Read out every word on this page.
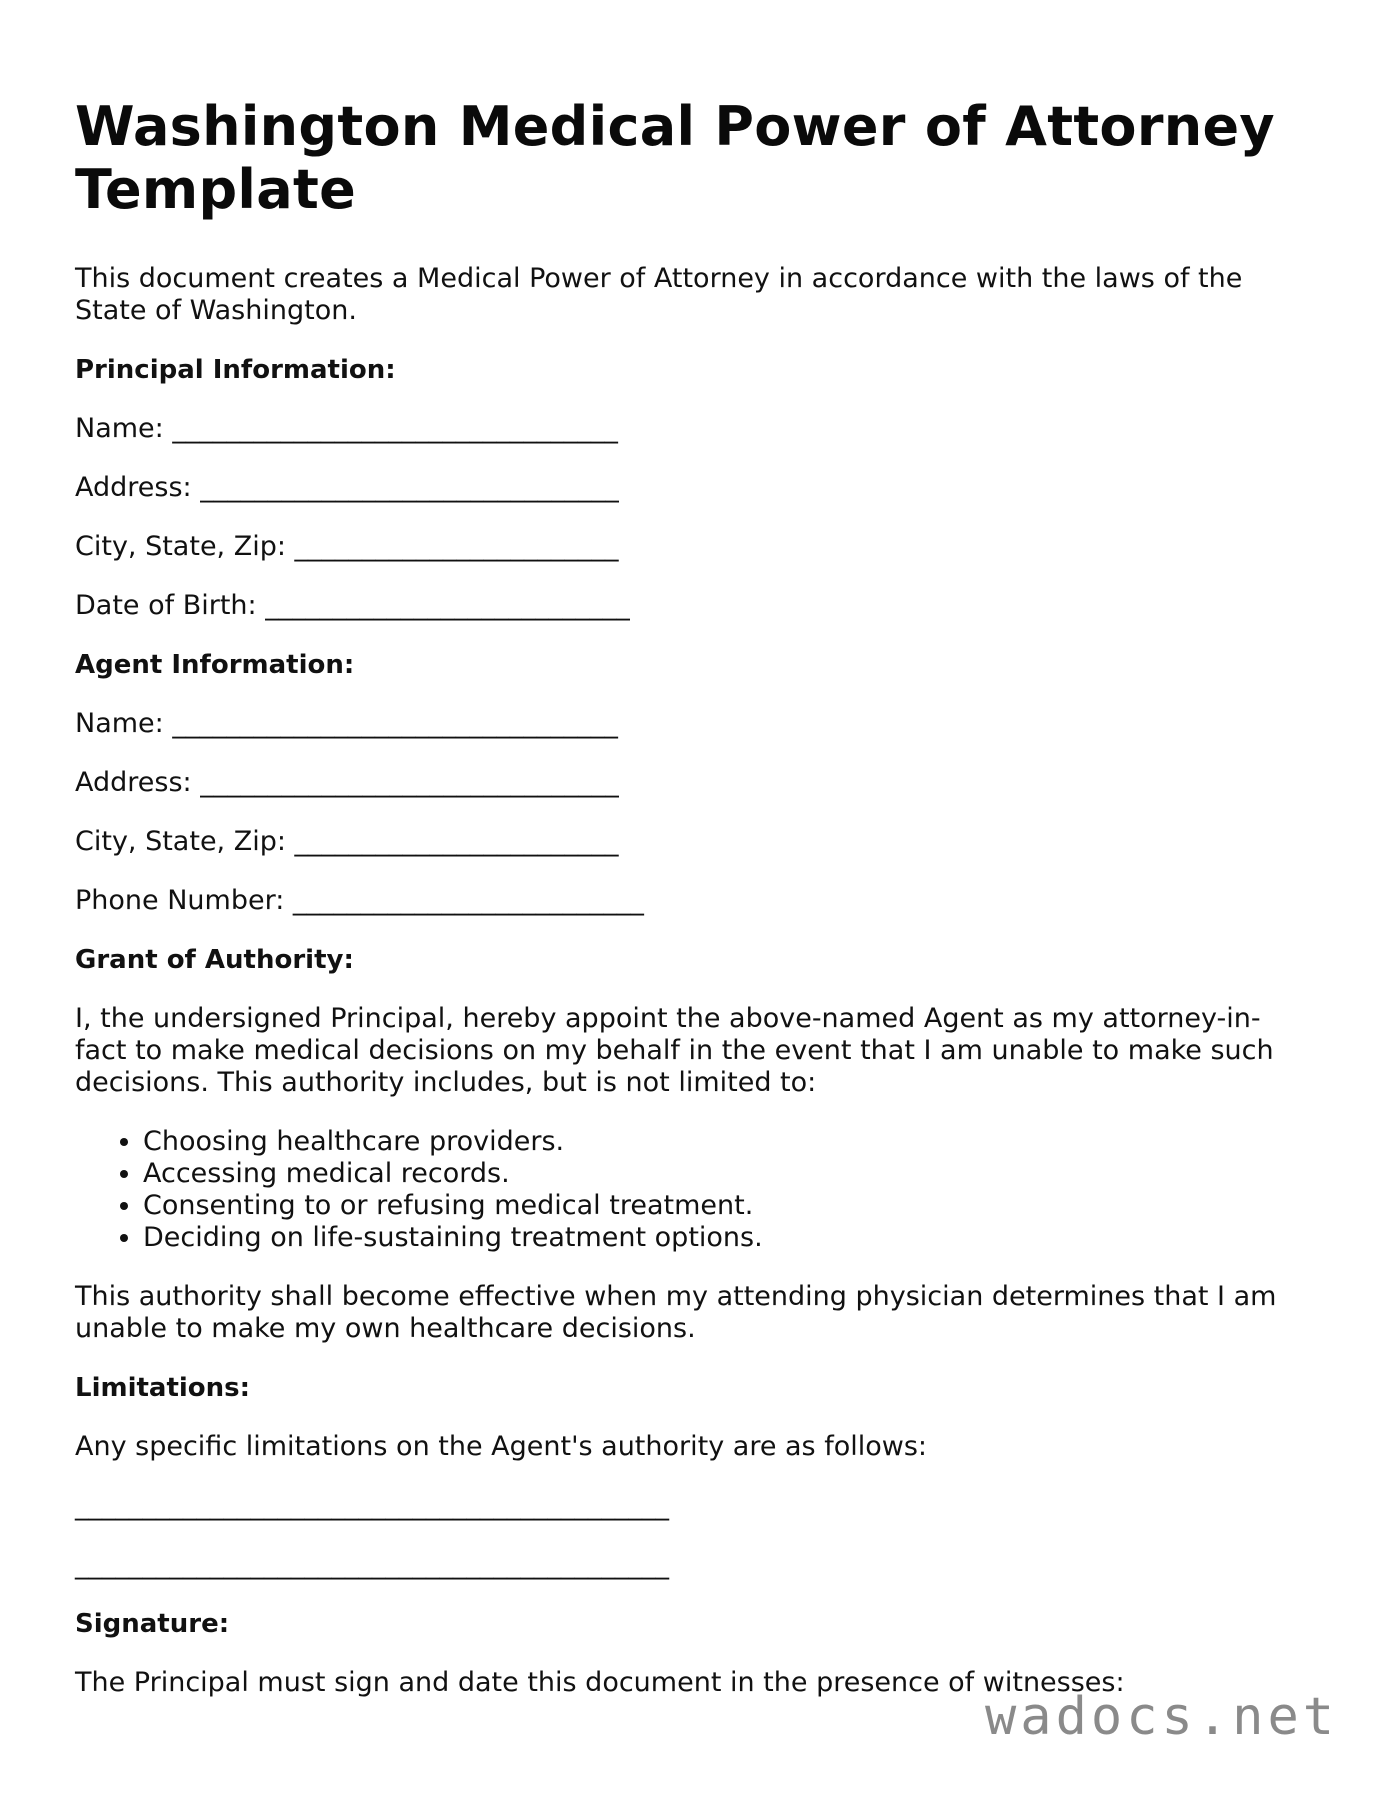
Washington Medical Power of Attorney Template

This document creates a Medical Power of Attorney in accordance with the laws of the State of Washington.

Principal Information:
Name: _________________________________
Address: _______________________________
City, State, Zip: ________________________
Date of Birth: ___________________________
Agent Information:
Name: _________________________________
Address: _______________________________
City, State, Zip: ________________________
Phone Number: __________________________
Grant of Authority:

I, the undersigned Principal, hereby appoint the above-named Agent as my attorney-in-fact to make medical decisions on my behalf in the event that I am unable to make such decisions. This authority includes, but is not limited to:

• Choosing healthcare providers.
• Accessing medical records.
• Consenting to or refusing medical treatment.
• Deciding on life-sustaining treatment options.

This authority shall become effective when my attending physician determines that I am unable to make my own healthcare decisions.

Limitations:

Any specific limitations on the Agent's authority are as follows:

____________________________________________
____________________________________________
Signature:

The Principal must sign and date this document in the presence of witnesses:

wadocs.net
